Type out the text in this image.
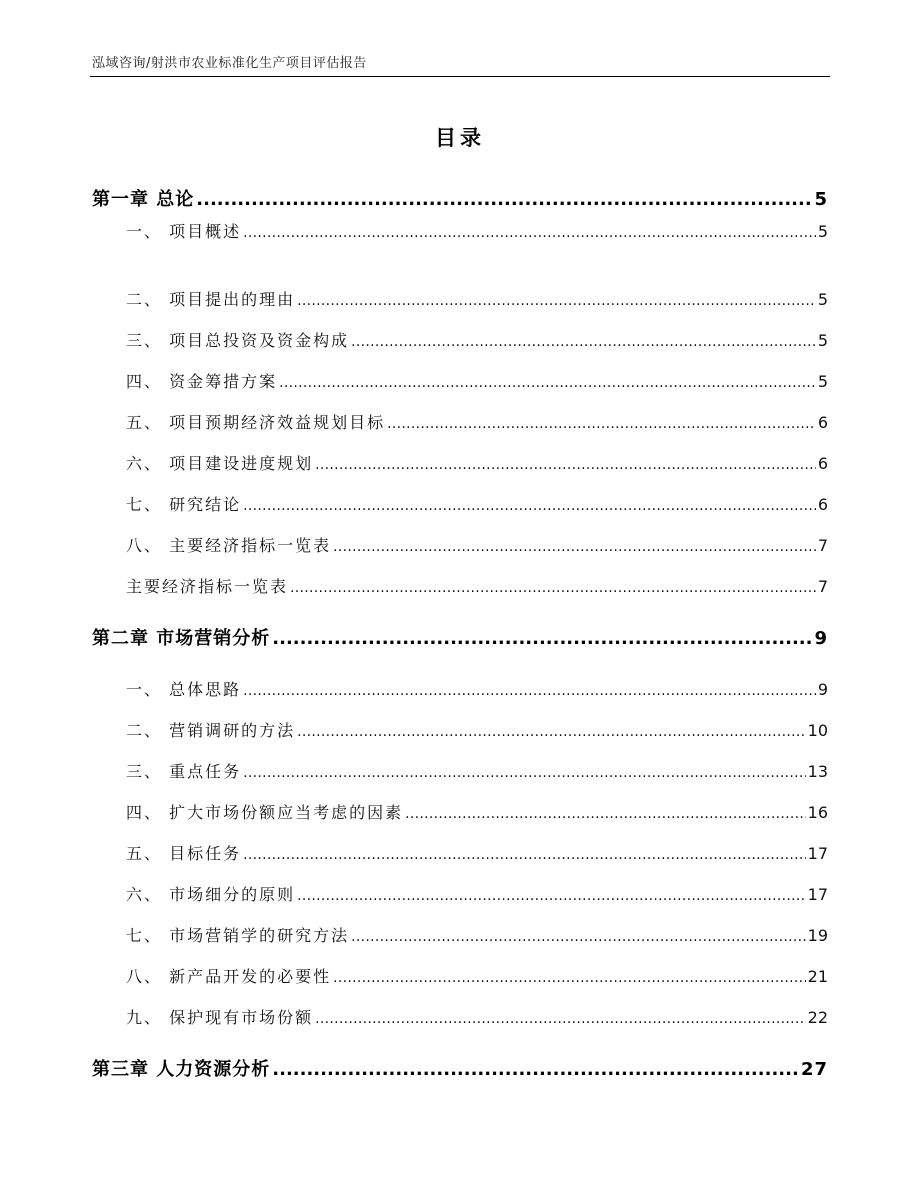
泓域咨询/射洪市农业标准化生产项目评估报告
目录
第一章 总论 .....	5
一、 项目概述 .....	5
二、 项目提出的理由 .....	5
三、 项目总投资及资金构成 .....	5
四、 资金筹措方案 .....	5
五、 项目预期经济效益规划目标 .....	6
六、 项目建设进度规划 .....	6
七、 研究结论 .....	6
八、 主要经济指标一览表 .....	7
主要经济指标一览表 .....	7
第二章 市场营销分析 .....	9
一、 总体思路 .....	9
二、 营销调研的方法 .....	10
三、 重点任务 .....	13
四、 扩大市场份额应当考虑的因素 .....	16
五、 目标任务 .....	17
六、 市场细分的原则 .....	17
七、 市场营销学的研究方法 .....	19
八、 新产品开发的必要性 .....	21
九、 保护现有市场份额 .....	22
第三章 人力资源分析 .....	27
